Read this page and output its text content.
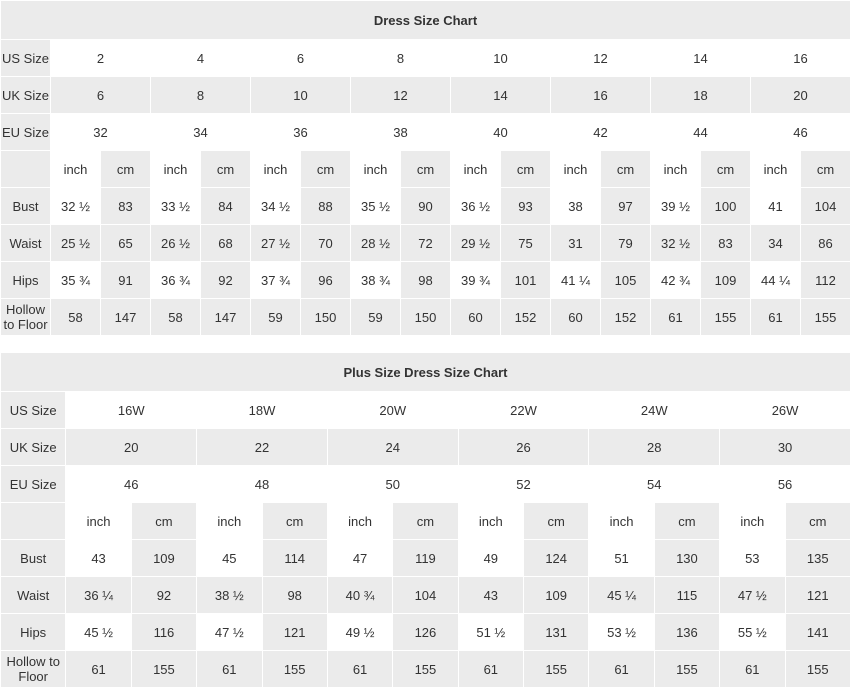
Dress Size Chart																
US Size	2		4		6		8		10		12		14		16	
UK Size	6		8		10		12		14		16		18		20	
EU Size	32		34		36		38		40		42		44		46	
	inch	cm	inch	cm	inch	cm	inch	cm	inch	cm	inch	cm	inch	cm	inch	cm
Bust	32 ½	83	33 ½	84	34 ½	88	35 ½	90	36 ½	93	38	97	39 ½	100	41	104
Waist	25 ½	65	26 ½	68	27 ½	70	28 ½	72	29 ½	75	31	79	32 ½	83	34	86
Hips	35 ¾	91	36 ¾	92	37 ¾	96	38 ¾	98	39 ¾	101	41 ¼	105	42 ¾	109	44 ¼	112
Hollow to Floor	58	147	58	147	59	150	59	150	60	152	60	152	61	155	61	155
Plus Size Dress Size Chart												
US Size	16W		18W		20W		22W		24W		26W	
UK Size	20		22		24		26		28		30	
EU Size	46		48		50		52		54		56	
	inch	cm	inch	cm	inch	cm	inch	cm	inch	cm	inch	cm
Bust	43	109	45	114	47	119	49	124	51	130	53	135
Waist	36 ¼	92	38 ½	98	40 ¾	104	43	109	45 ¼	115	47 ½	121
Hips	45 ½	116	47 ½	121	49 ½	126	51 ½	131	53 ½	136	55 ½	141
Hollow to Floor	61	155	61	155	61	155	61	155	61	155	61	155
